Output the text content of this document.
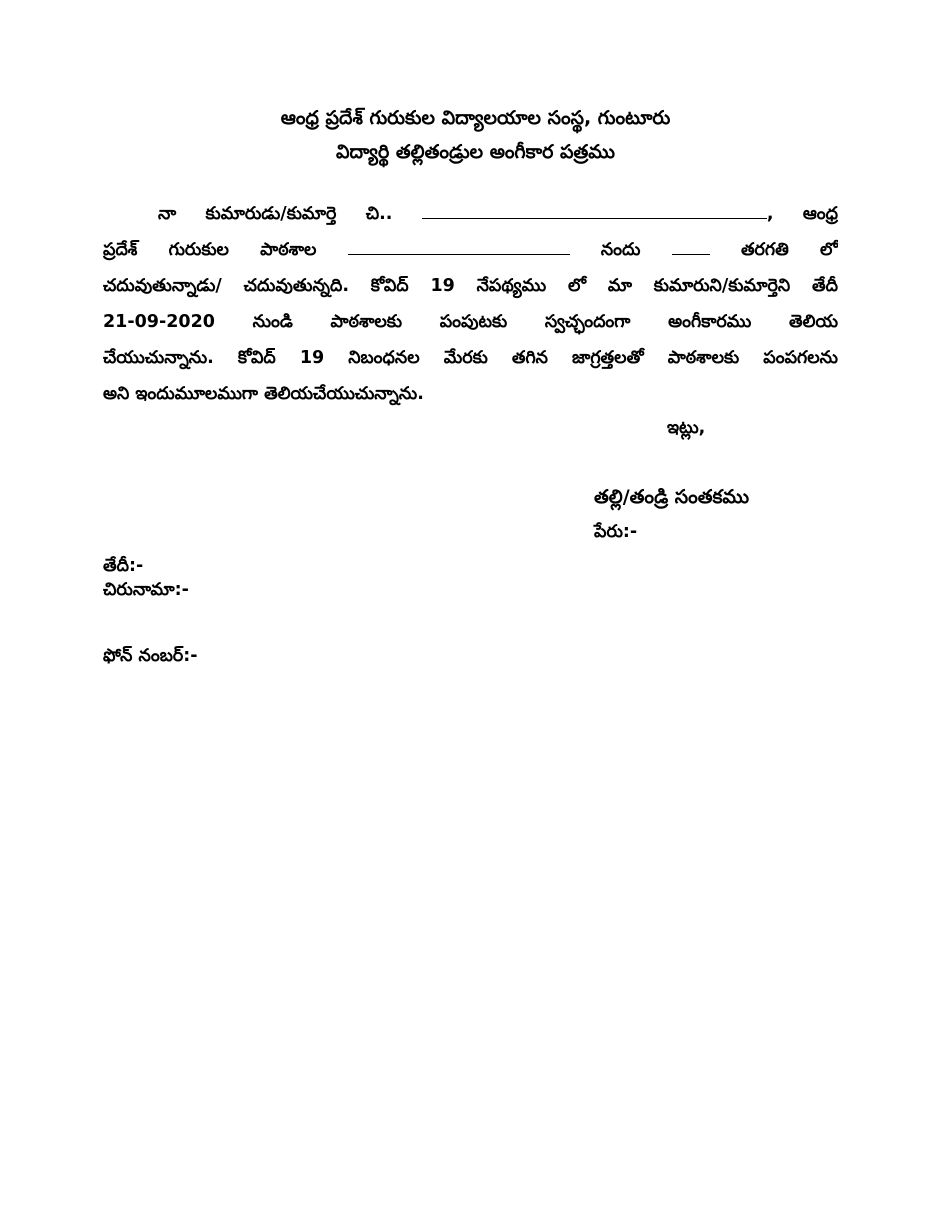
ఆంధ్ర ప్రదేశ్ గురుకుల విద్యాలయాల సంస్థ, గుంటూరు
విద్యార్థి తల్లితండ్రుల అంగీకార పత్రము
నా కుమారుడు/కుమార్తె చి..	, ఆంధ్ర
ప్రదేశ్ గురుకుల పాఠశాల	నందు	తరగతి లో
చదువుతున్నాడు/ చదువుతున్నది. కోవిద్ 19 నేపథ్యము లో మా కుమారుని/కుమార్తెని తేదీ
21-09-2020 నుండి పాఠశాలకు పంపుటకు స్వచ్ఛందంగా అంగీకారము తెలియ
చేయుచున్నాను. కోవిద్ 19 నిబంధనల మేరకు తగిన జాగ్రత్తలతో పాఠశాలకు పంపగలను
అని ఇందుమూలముగా తెలియచేయుచున్నాను.
ఇట్లు,
తల్లి/తండ్రి సంతకము
పేరు:-
తేదీ:-
చిరునామా:-
ఫోన్ నంబర్:-
